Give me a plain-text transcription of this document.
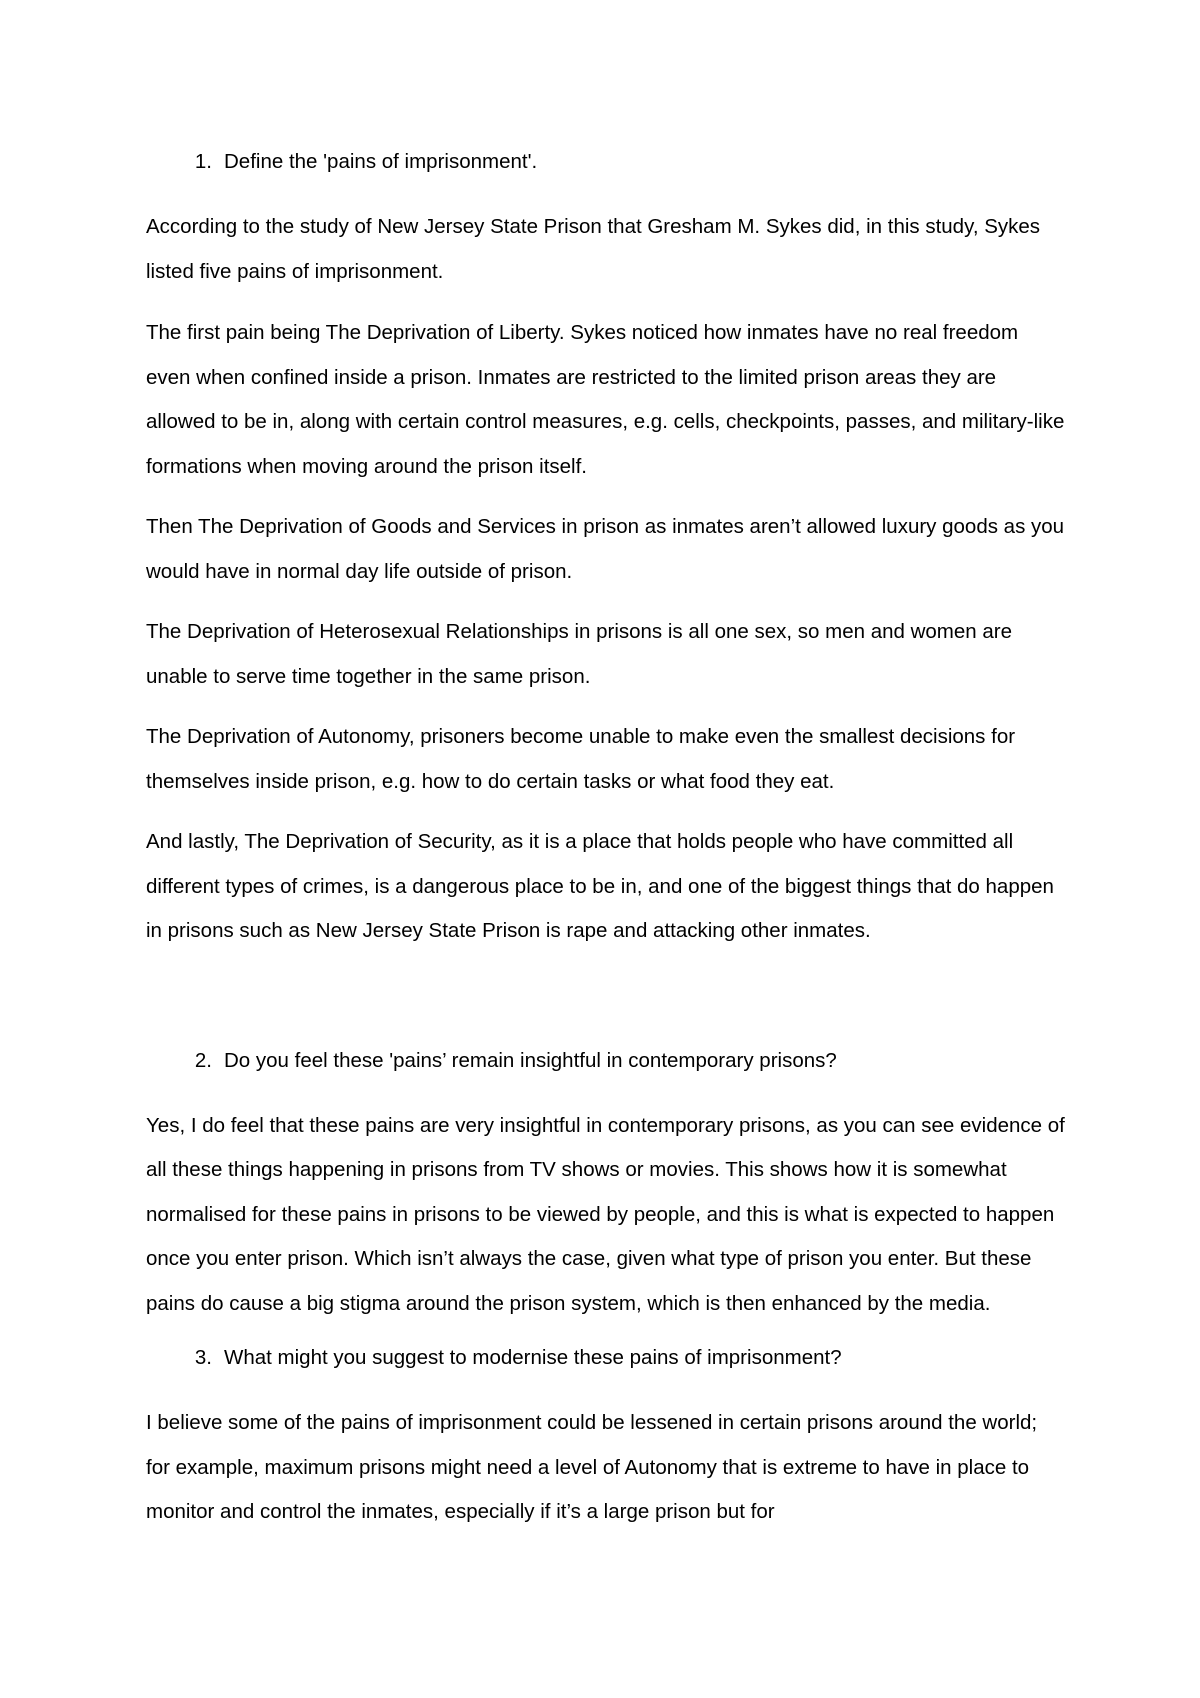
1. Define the 'pains of imprisonment'.

According to the study of New Jersey State Prison that Gresham M. Sykes did, in this study, Sykes listed five pains of imprisonment.

The first pain being The Deprivation of Liberty. Sykes noticed how inmates have no real freedom even when confined inside a prison. Inmates are restricted to the limited prison areas they are allowed to be in, along with certain control measures, e.g. cells, checkpoints, passes, and military-like formations when moving around the prison itself.

Then The Deprivation of Goods and Services in prison as inmates aren’t allowed luxury goods as you would have in normal day life outside of prison.

The Deprivation of Heterosexual Relationships in prisons is all one sex, so men and women are unable to serve time together in the same prison.

The Deprivation of Autonomy, prisoners become unable to make even the smallest decisions for themselves inside prison, e.g. how to do certain tasks or what food they eat.

And lastly, The Deprivation of Security, as it is a place that holds people who have committed all different types of crimes, is a dangerous place to be in, and one of the biggest things that do happen in prisons such as New Jersey State Prison is rape and attacking other inmates.

2. Do you feel these 'pains’ remain insightful in contemporary prisons?

Yes, I do feel that these pains are very insightful in contemporary prisons, as you can see evidence of all these things happening in prisons from TV shows or movies. This shows how it is somewhat normalised for these pains in prisons to be viewed by people, and this is what is expected to happen once you enter prison. Which isn’t always the case, given what type of prison you enter. But these pains do cause a big stigma around the prison system, which is then enhanced by the media.

3. What might you suggest to modernise these pains of imprisonment?

I believe some of the pains of imprisonment could be lessened in certain prisons around the world; for example, maximum prisons might need a level of Autonomy that is extreme to have in place to monitor and control the inmates, especially if it’s a large prison but for
